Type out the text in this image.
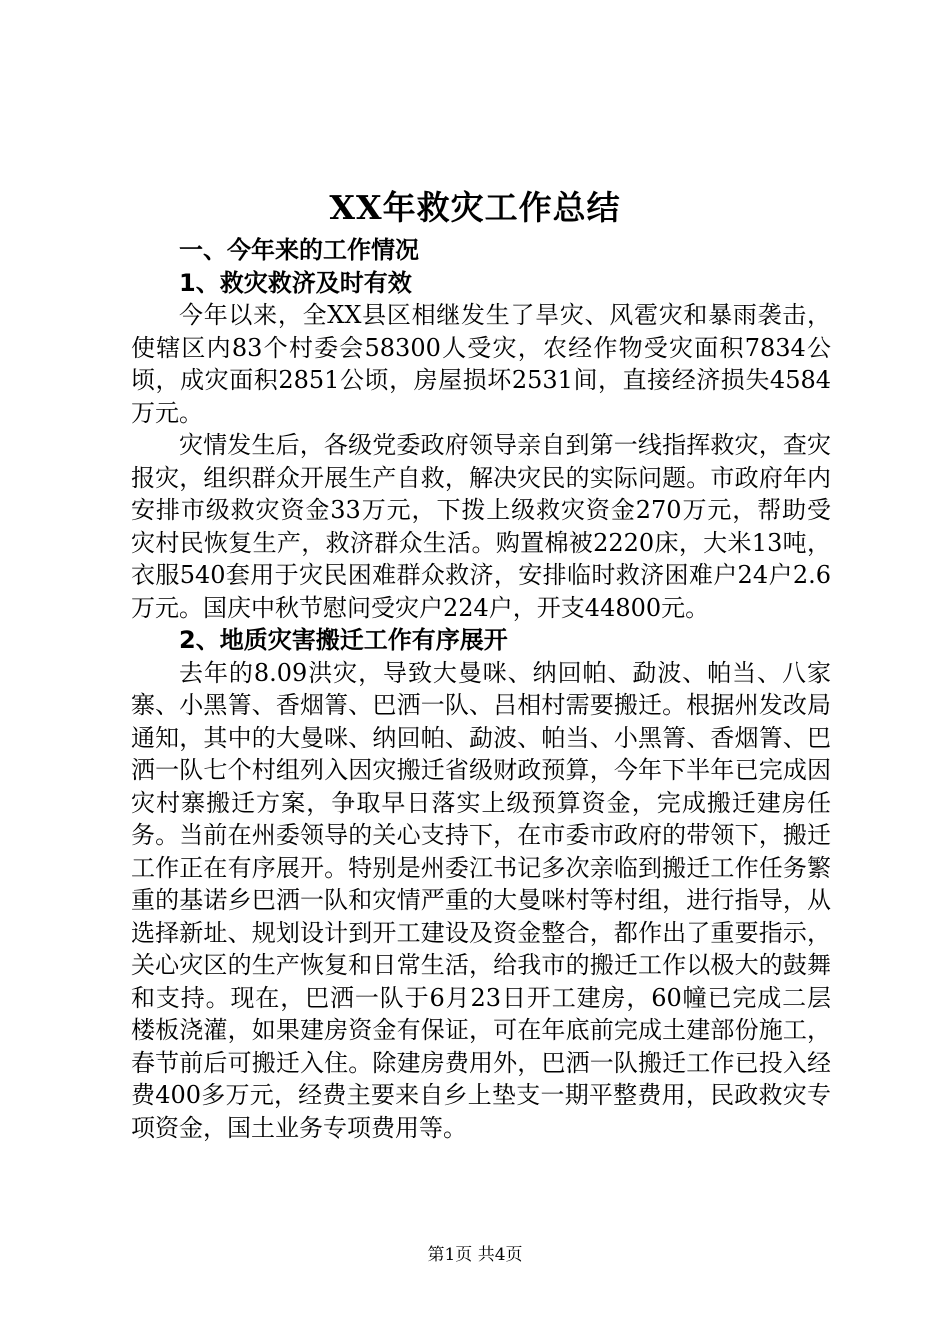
XX年救灾工作总结
一、今年来的工作情况
1、救灾救济及时有效

今年以来，全XX县区相继发生了旱灾、风雹灾和暴雨袭击，使辖区内83个村委会58300人受灾，农经作物受灾面积7834公顷，成灾面积2851公顷，房屋损坏2531间，直接经济损失4584万元。

灾情发生后，各级党委政府领导亲自到第一线指挥救灾，查灾报灾，组织群众开展生产自救，解决灾民的实际问题。市政府年内安排市级救灾资金33万元，下拨上级救灾资金270万元，帮助受灾村民恢复生产，救济群众生活。购置棉被2220床，大米13吨，衣服540套用于灾民困难群众救济，安排临时救济困难户24户2.6万元。国庆中秋节慰问受灾户224户，开支44800元。

2、地质灾害搬迁工作有序展开

去年的8.09洪灾，导致大曼咪、纳回帕、勐波、帕当、八家寨、小黑箐、香烟箐、巴洒一队、吕相村需要搬迁。根据州发改局通知，其中的大曼咪、纳回帕、勐波、帕当、小黑箐、香烟箐、巴洒一队七个村组列入因灾搬迁省级财政预算，今年下半年已完成因灾村寨搬迁方案，争取早日落实上级预算资金，完成搬迁建房任务。当前在州委领导的关心支持下，在市委市政府的带领下，搬迁工作正在有序展开。特别是州委江书记多次亲临到搬迁工作任务繁重的基诺乡巴洒一队和灾情严重的大曼咪村等村组，进行指导，从选择新址、规划设计到开工建设及资金整合，都作出了重要指示，关心灾区的生产恢复和日常生活，给我市的搬迁工作以极大的鼓舞和支持。现在，巴洒一队于6月23日开工建房，60幢已完成二层楼板浇灌，如果建房资金有保证，可在年底前完成土建部份施工，春节前后可搬迁入住。除建房费用外，巴洒一队搬迁工作已投入经费400多万元，经费主要来自乡上垫支一期平整费用，民政救灾专项资金，国土业务专项费用等。

第1页 共4页
